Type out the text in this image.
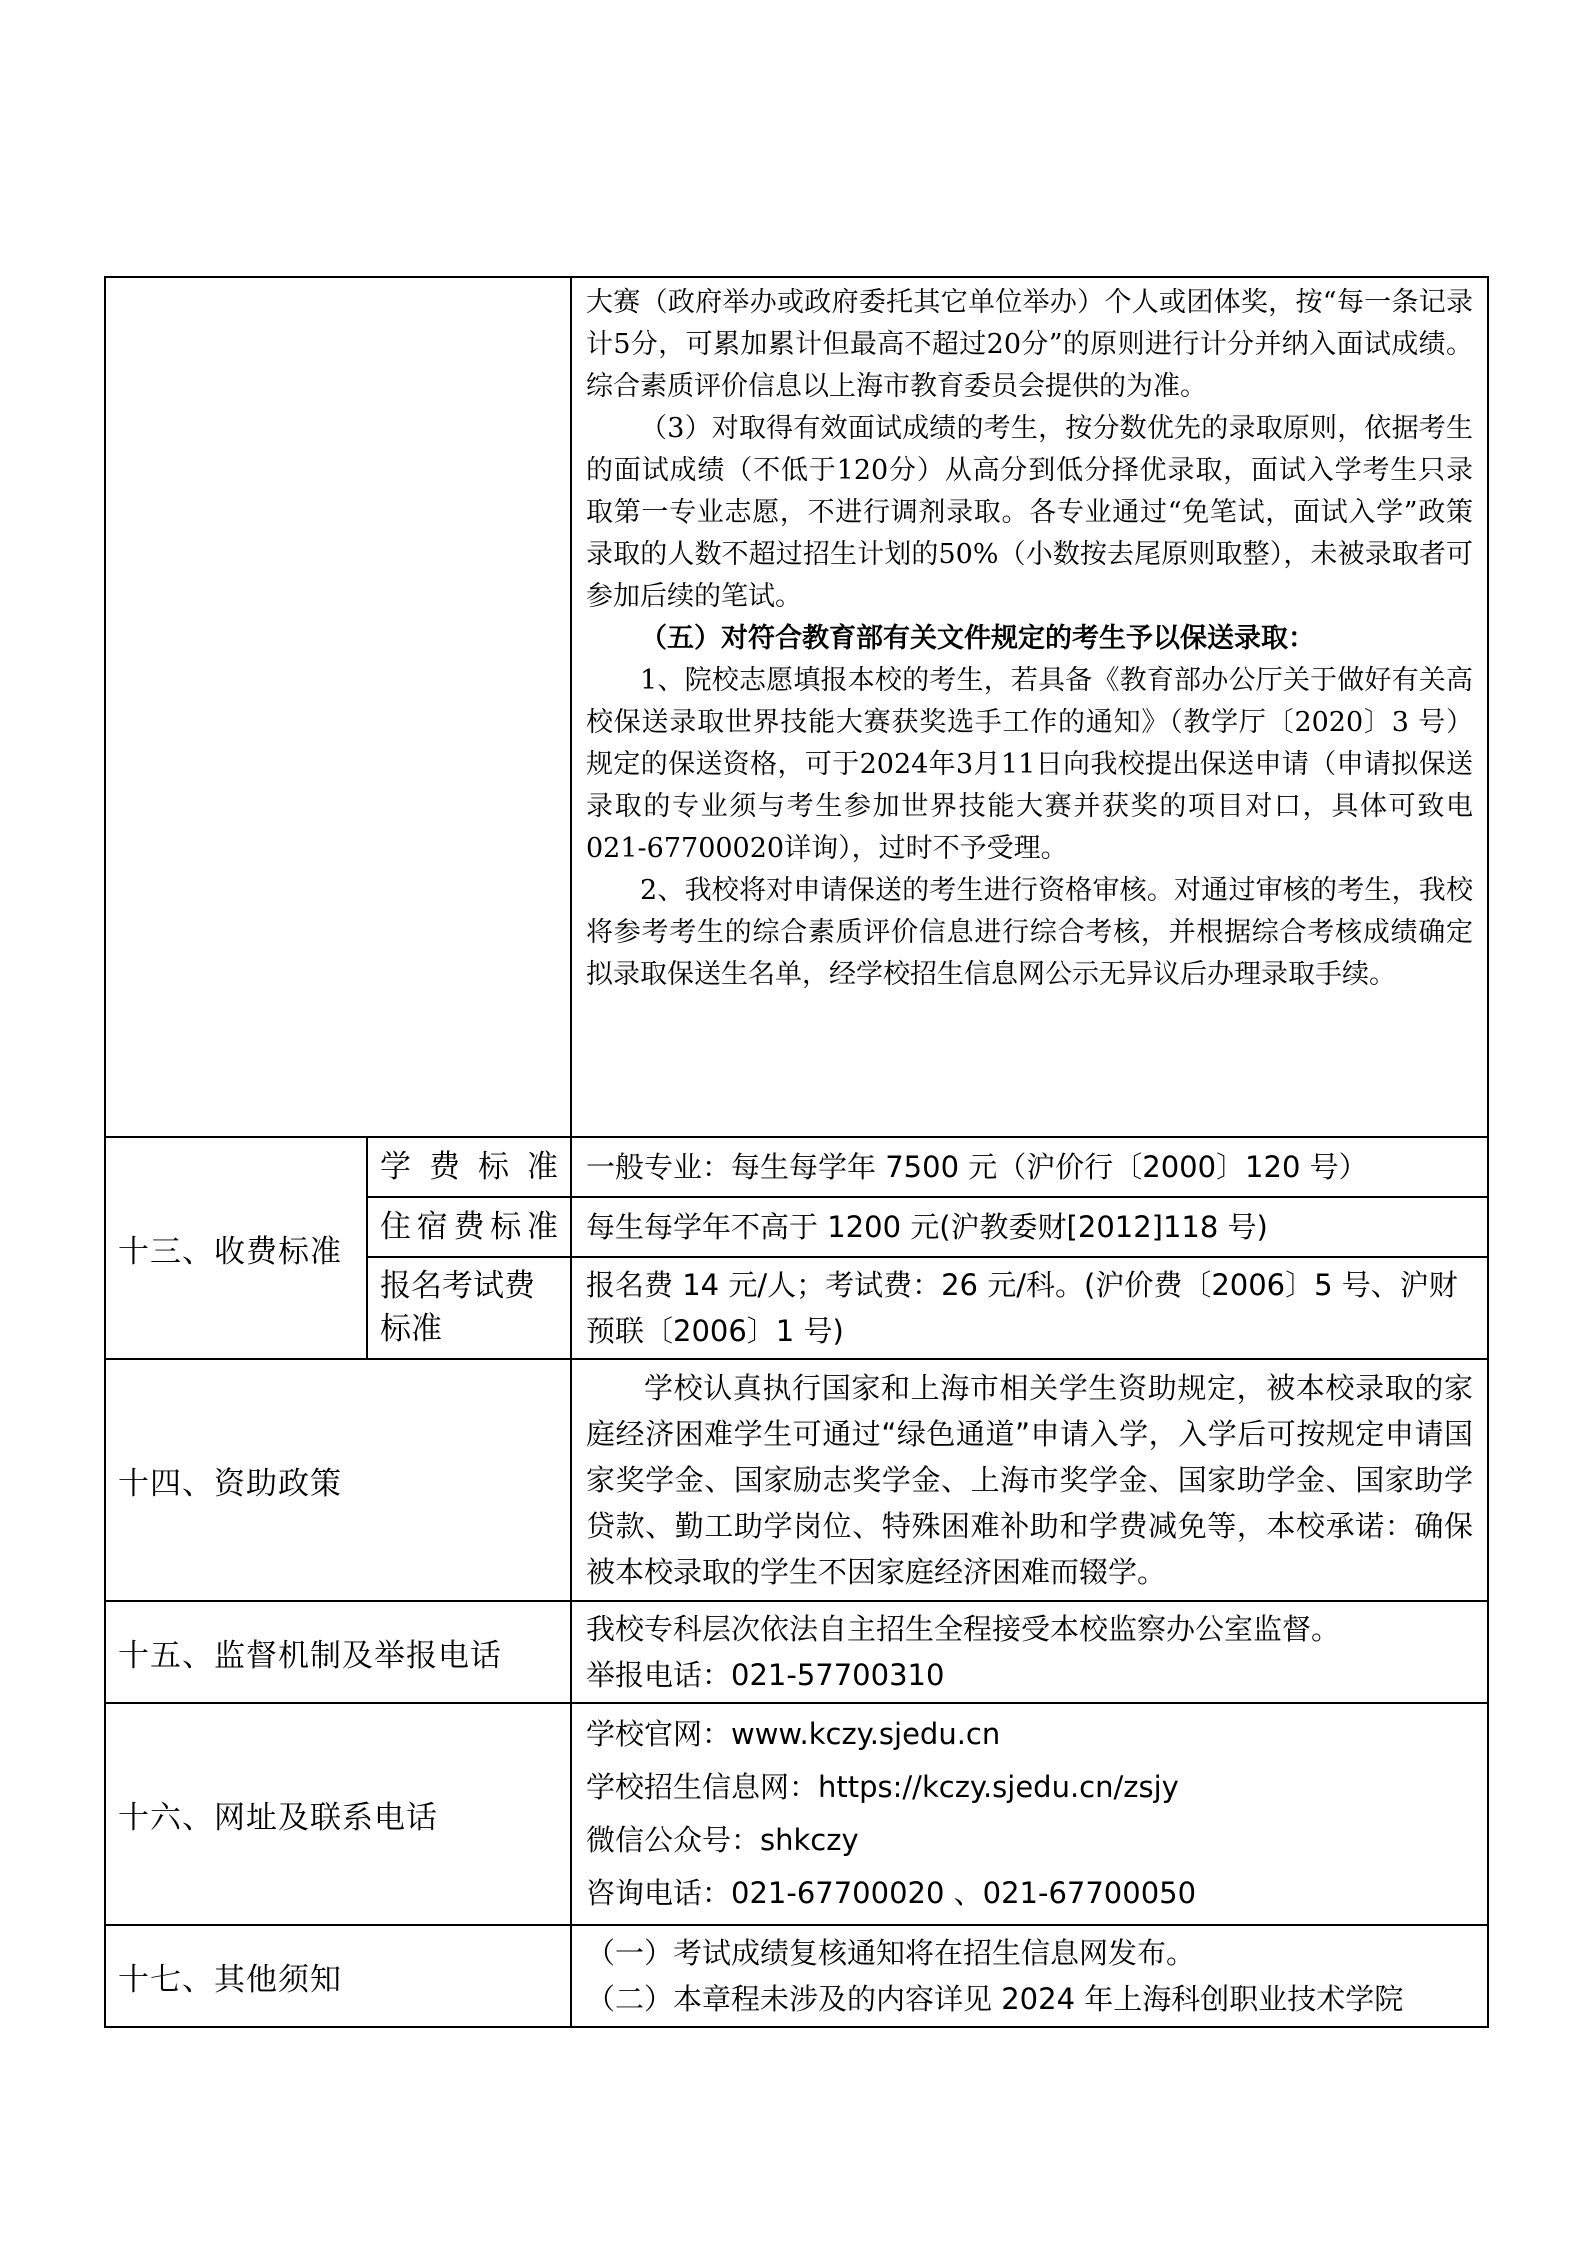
		大赛（政府举办或政府委托其它单位举办）个人或团体奖，按“每一条记录计5分，可累加累计但最高不超过20分”的原则进行计分并纳入面试成绩。综合素质评价信息以上海市教育委员会提供的为准。

（3）对取得有效面试成绩的考生，按分数优先的录取原则，依据考生的面试成绩（不低于120分）从高分到低分择优录取，面试入学考生只录取第一专业志愿，不进行调剂录取。各专业通过“免笔试，面试入学”政策录取的人数不超过招生计划的50%（小数按去尾原则取整），未被录取者可参加后续的笔试。

（五）对符合教育部有关文件规定的考生予以保送录取：

1、院校志愿填报本校的考生，若具备《教育部办公厅关于做好有关高校保送录取世界技能大赛获奖选手工作的通知》（教学厅〔2020〕3 号）规定的保送资格，可于2024年3月11日向我校提出保送申请（申请拟保送录取的专业须与考生参加世界技能大赛并获奖的项目对口，具体可致电021-67700020详询），过时不予受理。

2、我校将对申请保送的考生进行资格审核。对通过审核的考生，我校将参考考生的综合素质评价信息进行综合考核，并根据综合考核成绩确定拟录取保送生名单，经学校招生信息网公示无异议后办理录取手续。

十三、收费标准	学费标准	一般专业：每生每学年 7500 元（沪价行〔2000〕120 号）

	住宿费标准	每生每学年不高于 1200 元(沪教委财[2012]118 号)

	报名考试费标准	报名费 14 元/人；考试费：26 元/科。(沪价费〔2006〕5 号、沪财预联〔2006〕1 号)

十四、资助政策		学校认真执行国家和上海市相关学生资助规定，被本校录取的家庭经济困难学生可通过“绿色通道”申请入学，入学后可按规定申请国家奖学金、国家励志奖学金、上海市奖学金、国家助学金、国家助学贷款、勤工助学岗位、特殊困难补助和学费减免等，本校承诺：确保被本校录取的学生不因家庭经济困难而辍学。

十五、监督机制及举报电话		我校专科层次依法自主招生全程接受本校监察办公室监督。

举报电话：021-57700310

十六、网址及联系电话		学校官网：www.kczy.sjedu.cn

学校招生信息网：https://kczy.sjedu.cn/zsjy

微信公众号：shkczy

咨询电话：021-67700020 、021-67700050

十七、其他须知		（一）考试成绩复核通知将在招生信息网发布。

（二）本章程未涉及的内容详见 2024 年上海科创职业技术学院
